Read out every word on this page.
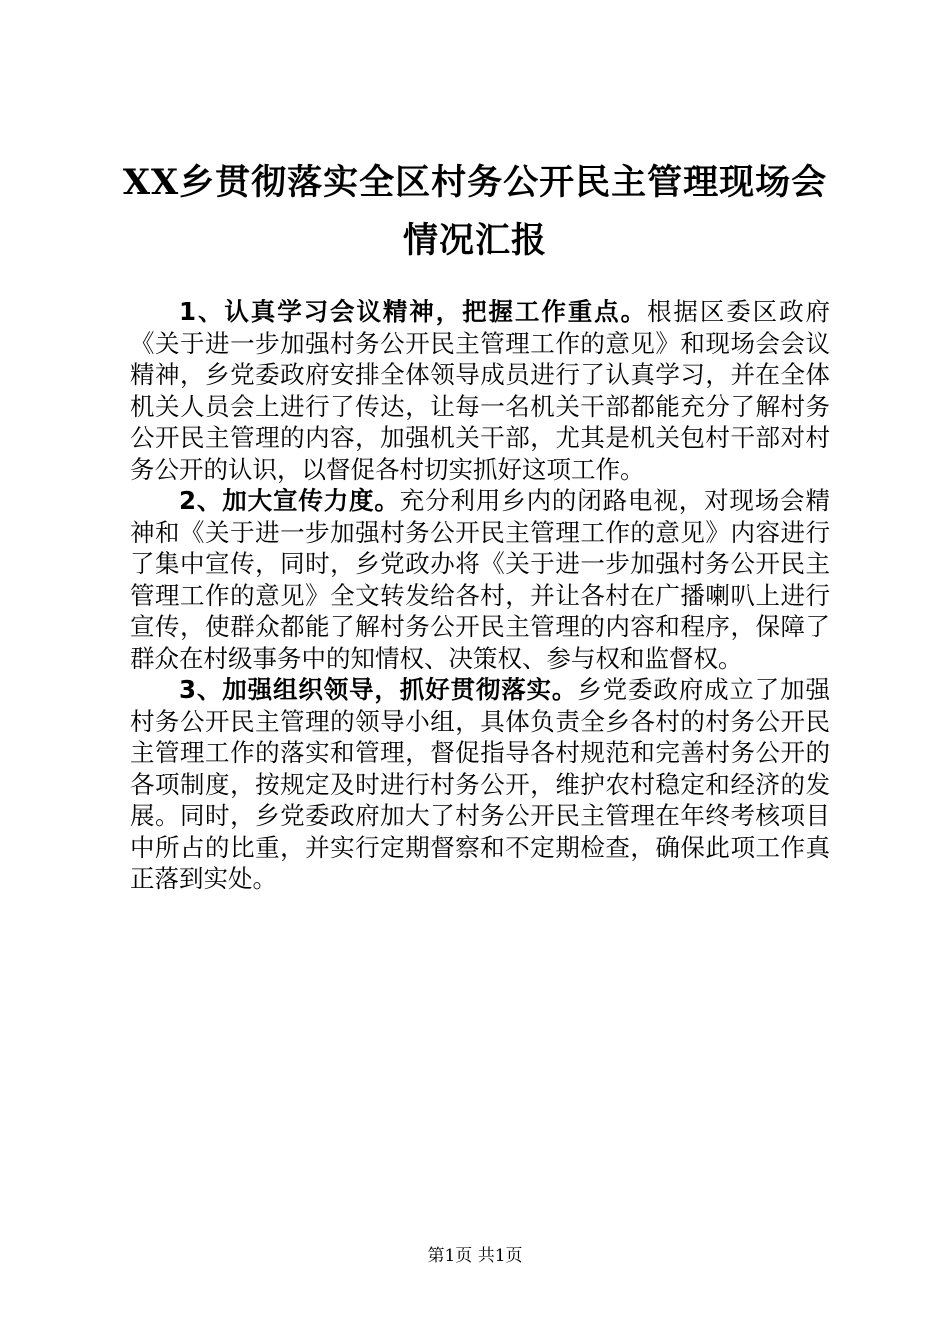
XX乡贯彻落实全区村务公开民主管理现场会
情况汇报

1、认真学习会议精神，把握工作重点。根据区委区政府《关于进一步加强村务公开民主管理工作的意见》和现场会会议精神，乡党委政府安排全体领导成员进行了认真学习，并在全体机关人员会上进行了传达，让每一名机关干部都能充分了解村务公开民主管理的内容，加强机关干部，尤其是机关包村干部对村务公开的认识，以督促各村切实抓好这项工作。

2、加大宣传力度。充分利用乡内的闭路电视，对现场会精神和《关于进一步加强村务公开民主管理工作的意见》内容进行了集中宣传，同时，乡党政办将《关于进一步加强村务公开民主管理工作的意见》全文转发给各村，并让各村在广播喇叭上进行宣传，使群众都能了解村务公开民主管理的内容和程序，保障了群众在村级事务中的知情权、决策权、参与权和监督权。

3、加强组织领导，抓好贯彻落实。乡党委政府成立了加强村务公开民主管理的领导小组，具体负责全乡各村的村务公开民主管理工作的落实和管理，督促指导各村规范和完善村务公开的各项制度，按规定及时进行村务公开，维护农村稳定和经济的发展。同时，乡党委政府加大了村务公开民主管理在年终考核项目中所占的比重，并实行定期督察和不定期检查，确保此项工作真正落到实处。

第1页 共1页
